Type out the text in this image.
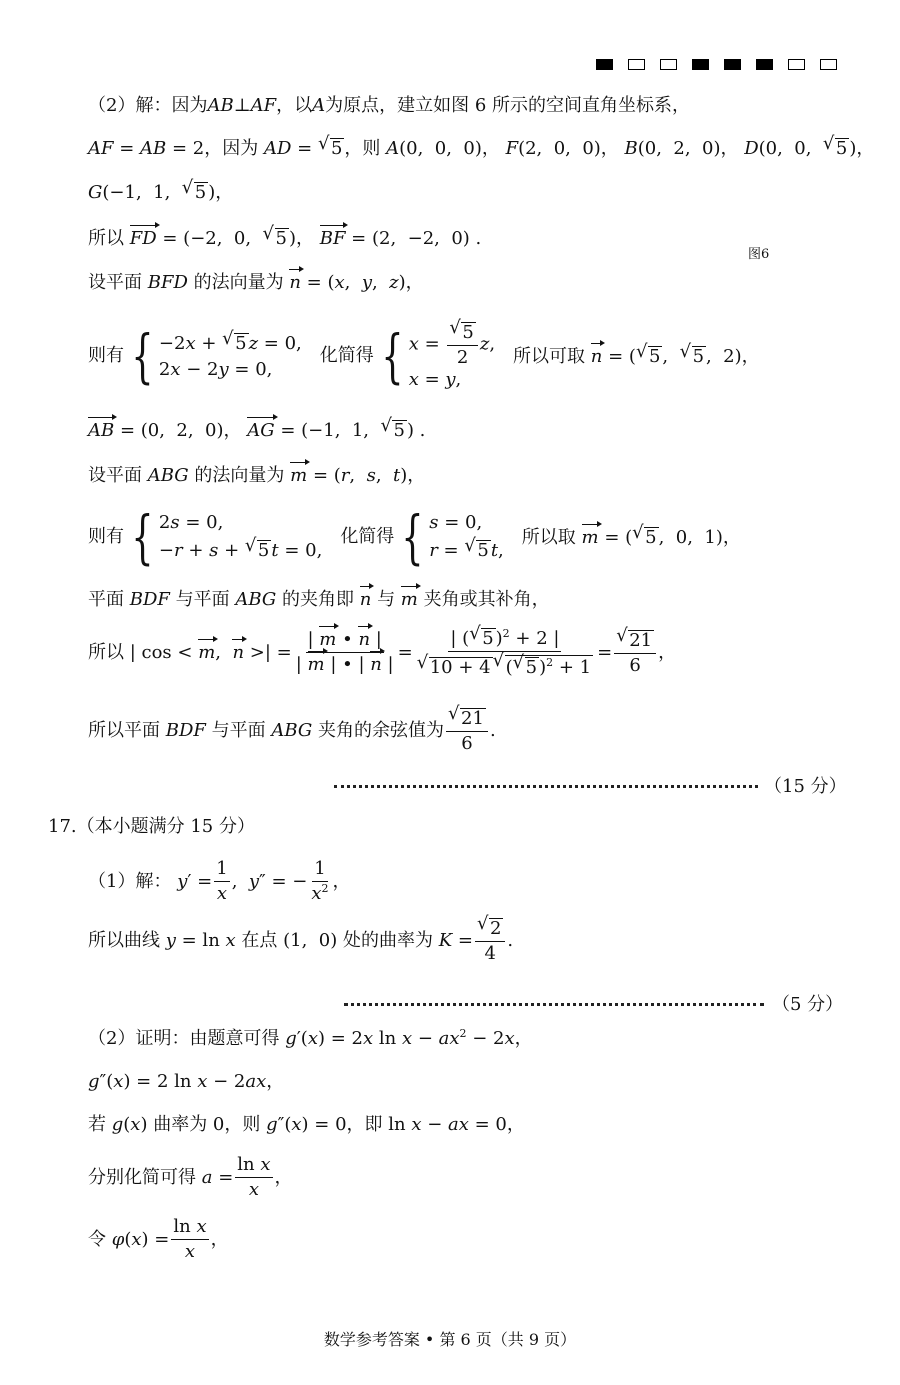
图6
（2）解：因为AB⊥AF，以A为原点，建立如图 6 所示的空间直角坐标系，
AF = AB = 2，因为 AD = √ 5 ，则 A(0,  0,  0)， F(2,  0,  0)， B(0,  2,  0)， D(0,  0,  √ 5 )，
G(−1,  1,  √ 5 )，
所以 FD = (−2,  0,  √ 5 )， BF = (2,  −2,  0) .
设平面 BFD 的法向量为 n = (x,  y,  z)，
则有 { −2x + √ 5 z = 0,
2x − 2y = 0,
化简得 { x = √ $\frac{5}{2} z$,
x = y,
所以可取 n = ( √ 5 ,  √ 5 ,  2)，
AB = (0,  2,  0)， AG = (−1,  1,  √ 5 ) .
设平面 ABG 的法向量为 m = (r,  s,  t)，
则有 { 2s = 0,
−r + s + √ 5 t = 0,
化简得 { s = 0,
r = √ 5 t,
所以取 m = ( √ 5 ,  0,  1)，
平面 BDF 与平面 ABG 的夹角即 n 与 m 夹角或其补角，
所以 | cos < m,  n >| = $\frac{| m • n |}{| m | • | n |}$ = | ( √ 5 )$^2$ + 2 |
√ 10 + 4 √ ( √ 5 )$^2$ + 1 = √ $\frac{21}{6}$ ，
所以平面 BDF 与平面 ABG 夹角的余弦值为 √ $\frac{21}{6}$ .
（15 分）
17.（本小题满分 15 分）
（1）解： $y' = \frac{1}{x}$ ,  y″ = − $\frac{1}{x^2}$ ，
所以曲线 y = ln x 在点 (1,  0) 处的曲率为 K = √ $\frac{2}{4}$ .
（5 分）
（2）证明：由题意可得 g′(x) = 2x $\ln x - ax^2 - 2x$，
g″(x) = 2 ln x − 2ax，
若 g(x) 曲率为 0，则 g″(x) = 0，即 ln x − ax = 0，
分别化简可得 $a = \frac{\text{ln x}}{x}$ ，
令 $\varphi(x) = \frac{\text{ln x}}{x}$ ，
数学参考答案 • 第 6 页（共 9 页）
